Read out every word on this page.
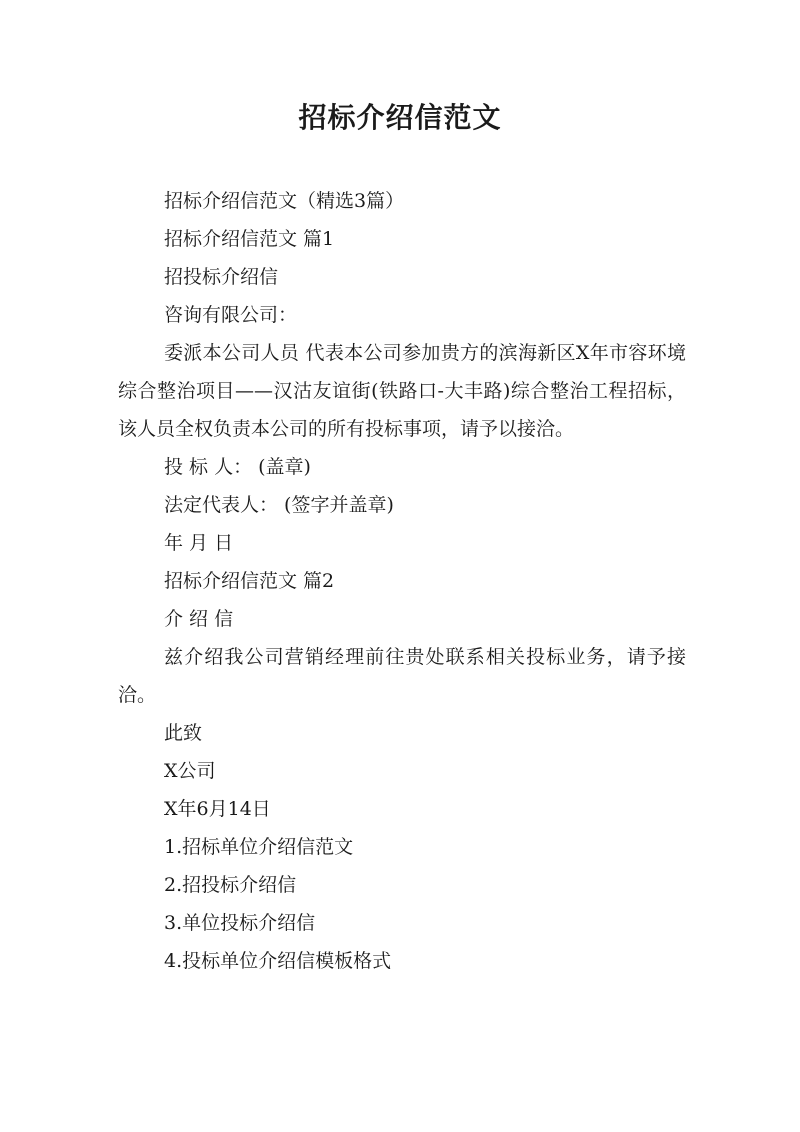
招标介绍信范文

招标介绍信范文（精选3篇）

招标介绍信范文 篇1

招投标介绍信

咨询有限公司：

委派本公司人员 代表本公司参加贵方的滨海新区X年市容环境综合整治项目——汉沽友谊街(铁路口-大丰路)综合整治工程招标，该人员全权负责本公司的所有投标事项，请予以接洽。

投 标 人： (盖章)

法定代表人： (签字并盖章)

年 月 日

招标介绍信范文 篇2

介 绍 信

兹介绍我公司营销经理前往贵处联系相关投标业务，请予接洽。

此致

X公司

X年6月14日

1.招标单位介绍信范文

2.招投标介绍信

3.单位投标介绍信

4.投标单位介绍信模板格式
